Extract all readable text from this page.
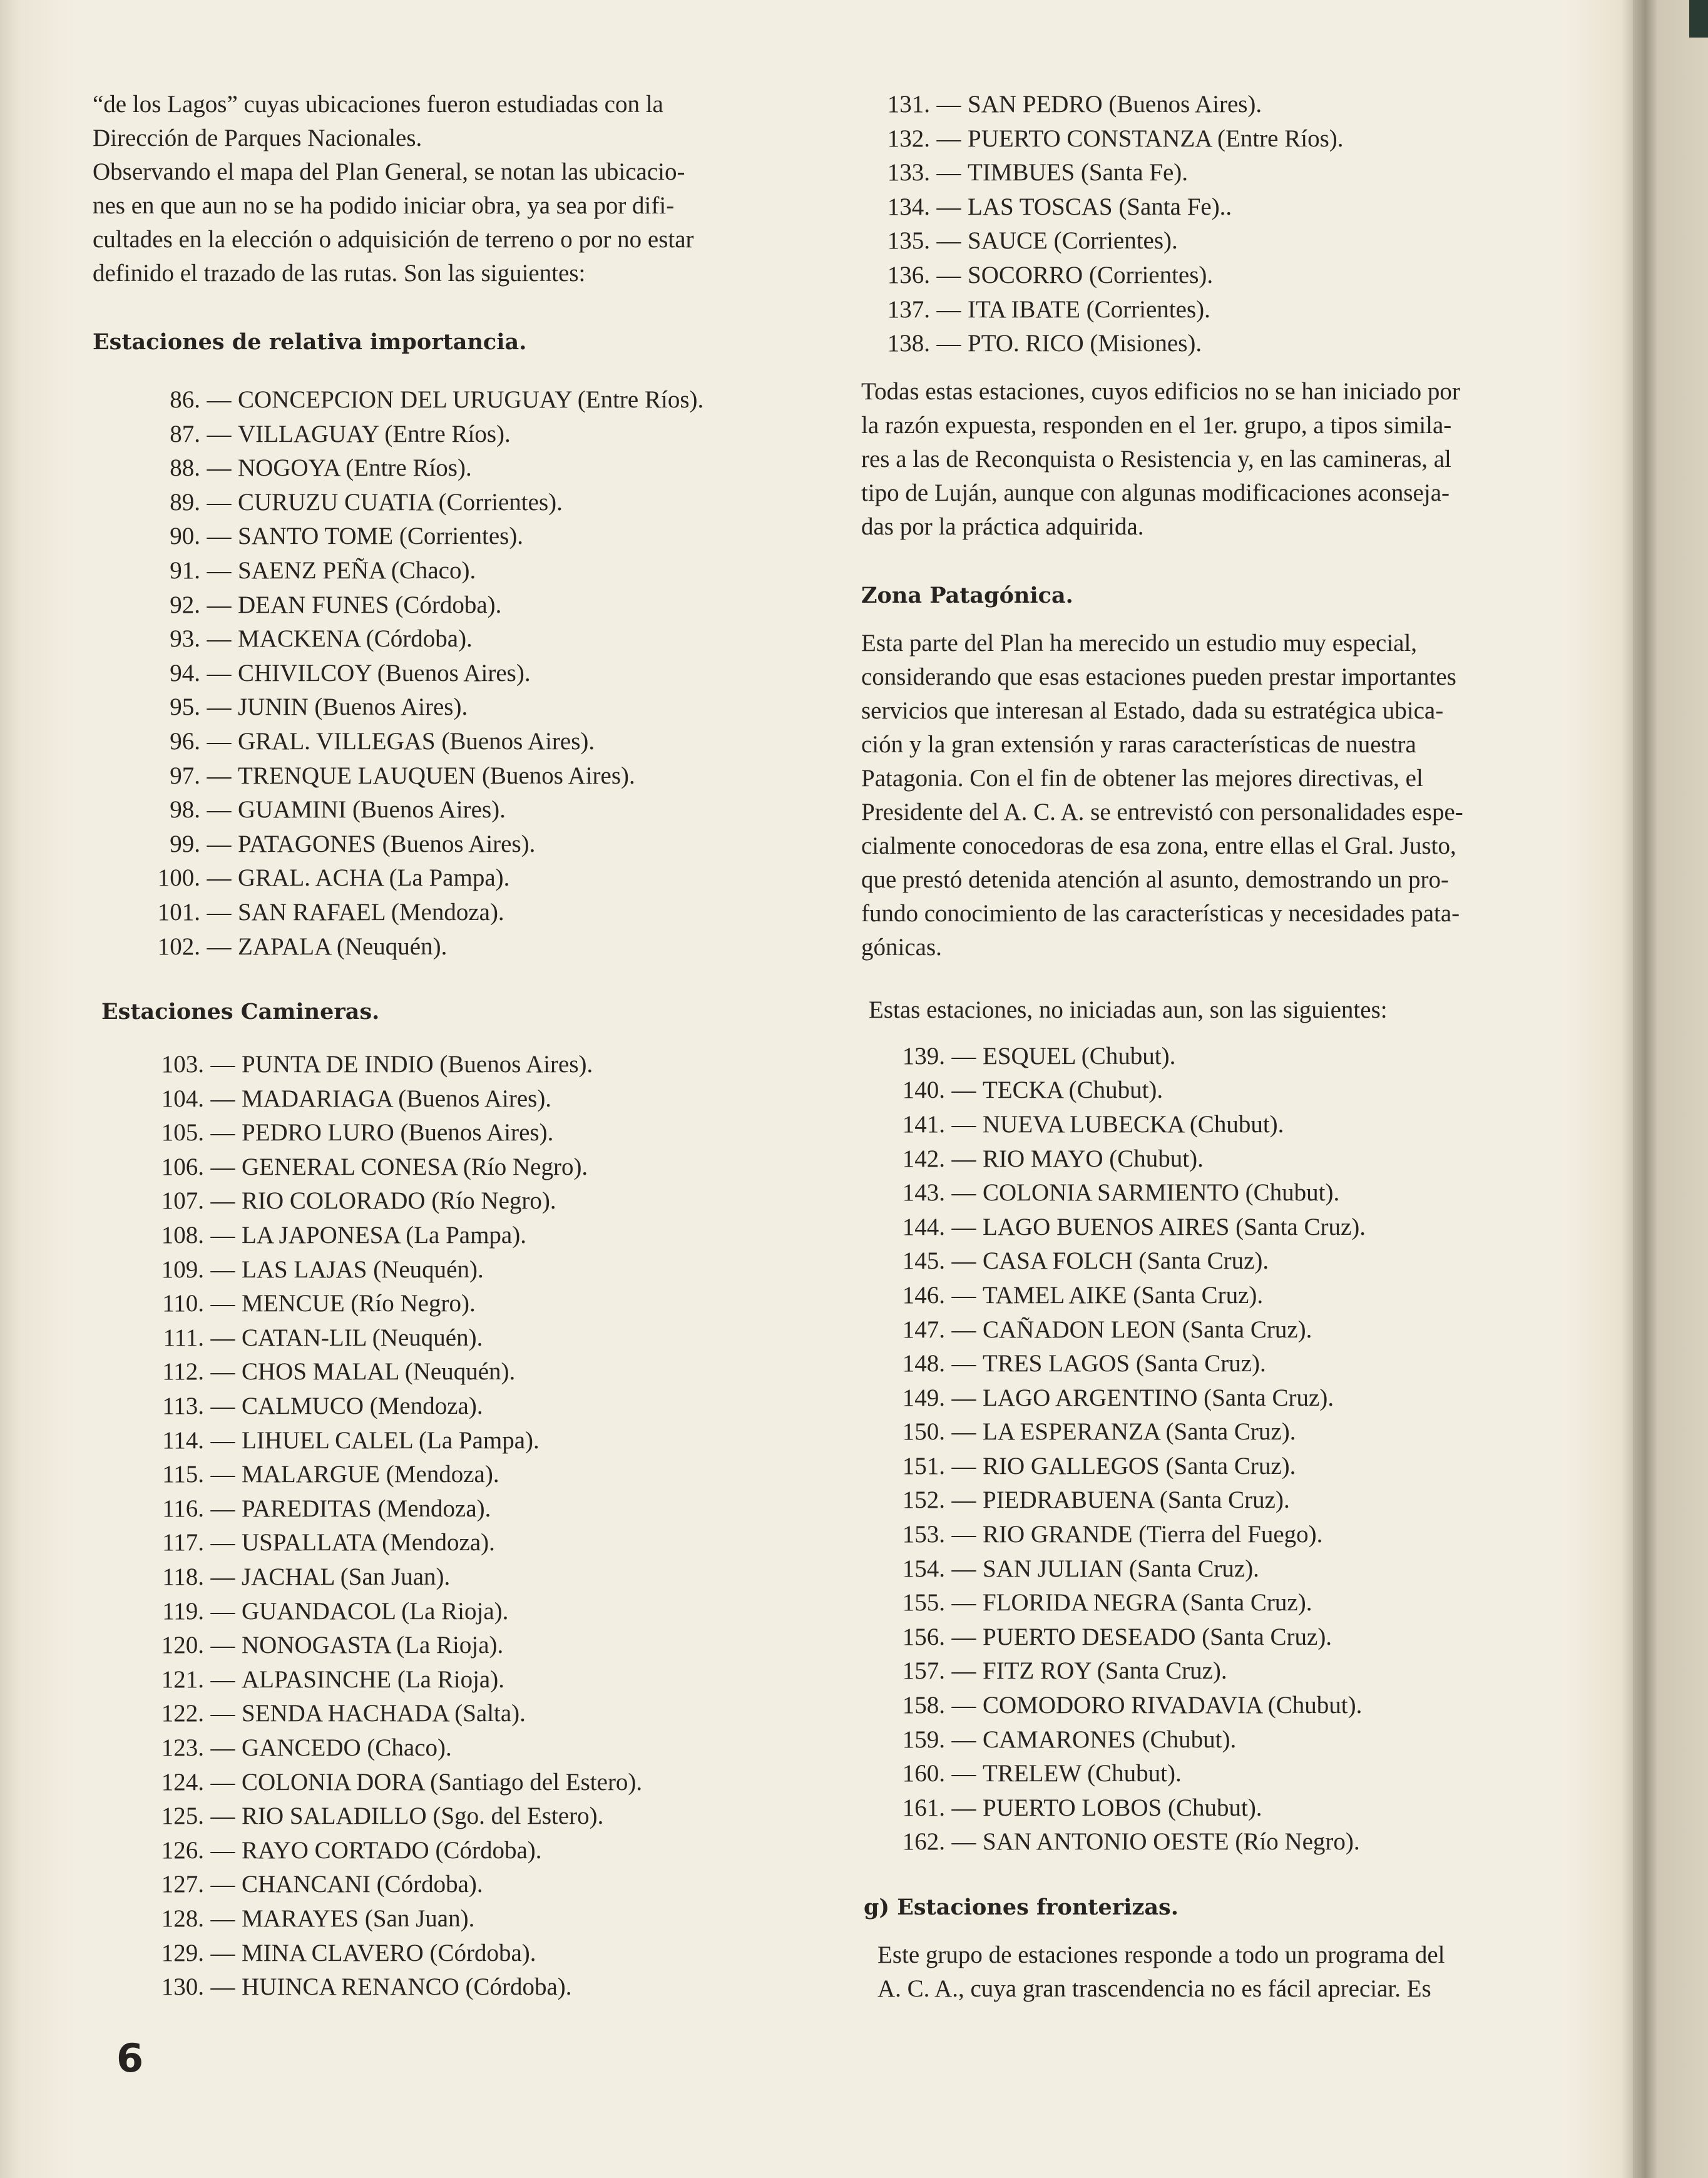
“de los Lagos” cuyas ubicaciones fueron estudiadas con la

Dirección de Parques Nacionales.

Observando el mapa del Plan General, se notan las ubicacio-

nes en que aun no se ha podido iniciar obra, ya sea por difi-

cultades en la elección o adquisición de terreno o por no estar

definido el trazado de las rutas. Son las siguientes:

Estaciones de relativa importancia.
86. — CONCEPCION DEL URUGUAY (Entre Ríos).
87. — VILLAGUAY (Entre Ríos).
88. — NOGOYA (Entre Ríos).
89. — CURUZU CUATIA (Corrientes).
90. — SANTO TOME (Corrientes).
91. — SAENZ PEÑA (Chaco).
92. — DEAN FUNES (Córdoba).
93. — MACKENA (Córdoba).
94. — CHIVILCOY (Buenos Aires).
95. — JUNIN (Buenos Aires).
96. — GRAL. VILLEGAS (Buenos Aires).
97. — TRENQUE LAUQUEN (Buenos Aires).
98. — GUAMINI (Buenos Aires).
99. — PATAGONES (Buenos Aires).
100. — GRAL. ACHA (La Pampa).
101. — SAN RAFAEL (Mendoza).
102. — ZAPALA (Neuquén).
Estaciones Camineras.
103. — PUNTA DE INDIO (Buenos Aires).
104. — MADARIAGA (Buenos Aires).
105. — PEDRO LURO (Buenos Aires).
106. — GENERAL CONESA (Río Negro).
107. — RIO COLORADO (Río Negro).
108. — LA JAPONESA (La Pampa).
109. — LAS LAJAS (Neuquén).
110. — MENCUE (Río Negro).
111. — CATAN-LIL (Neuquén).
112. — CHOS MALAL (Neuquén).
113. — CALMUCO (Mendoza).
114. — LIHUEL CALEL (La Pampa).
115. — MALARGUE (Mendoza).
116. — PAREDITAS (Mendoza).
117. — USPALLATA (Mendoza).
118. — JACHAL (San Juan).
119. — GUANDACOL (La Rioja).
120. — NONOGASTA (La Rioja).
121. — ALPASINCHE (La Rioja).
122. — SENDA HACHADA (Salta).
123. — GANCEDO (Chaco).
124. — COLONIA DORA (Santiago del Estero).
125. — RIO SALADILLO (Sgo. del Estero).
126. — RAYO CORTADO (Córdoba).
127. — CHANCANI (Córdoba).
128. — MARAYES (San Juan).
129. — MINA CLAVERO (Córdoba).
130. — HUINCA RENANCO (Córdoba).
131. — SAN PEDRO (Buenos Aires).
132. — PUERTO CONSTANZA (Entre Ríos).
133. — TIMBUES (Santa Fe).
134. — LAS TOSCAS (Santa Fe)..
135. — SAUCE (Corrientes).
136. — SOCORRO (Corrientes).
137. — ITA IBATE (Corrientes).
138. — PTO. RICO (Misiones).

Todas estas estaciones, cuyos edificios no se han iniciado por

la razón expuesta, responden en el 1er. grupo, a tipos simila-

res a las de Reconquista o Resistencia y, en las camineras, al

tipo de Luján, aunque con algunas modificaciones aconseja-

das por la práctica adquirida.

Zona Patagónica.

Esta parte del Plan ha merecido un estudio muy especial,

considerando que esas estaciones pueden prestar importantes

servicios que interesan al Estado, dada su estratégica ubica-

ción y la gran extensión y raras características de nuestra

Patagonia. Con el fin de obtener las mejores directivas, el

Presidente del A. C. A. se entrevistó con personalidades espe-

cialmente conocedoras de esa zona, entre ellas el Gral. Justo,

que prestó detenida atención al asunto, demostrando un pro-

fundo conocimiento de las características y necesidades pata-

gónicas.

Estas estaciones, no iniciadas aun, son las siguientes:

139. — ESQUEL (Chubut).
140. — TECKA (Chubut).
141. — NUEVA LUBECKA (Chubut).
142. — RIO MAYO (Chubut).
143. — COLONIA SARMIENTO (Chubut).
144. — LAGO BUENOS AIRES (Santa Cruz).
145. — CASA FOLCH (Santa Cruz).
146. — TAMEL AIKE (Santa Cruz).
147. — CAÑADON LEON (Santa Cruz).
148. — TRES LAGOS (Santa Cruz).
149. — LAGO ARGENTINO (Santa Cruz).
150. — LA ESPERANZA (Santa Cruz).
151. — RIO GALLEGOS (Santa Cruz).
152. — PIEDRABUENA (Santa Cruz).
153. — RIO GRANDE (Tierra del Fuego).
154. — SAN JULIAN (Santa Cruz).
155. — FLORIDA NEGRA (Santa Cruz).
156. — PUERTO DESEADO (Santa Cruz).
157. — FITZ ROY (Santa Cruz).
158. — COMODORO RIVADAVIA (Chubut).
159. — CAMARONES (Chubut).
160. — TRELEW (Chubut).
161. — PUERTO LOBOS (Chubut).
162. — SAN ANTONIO OESTE (Río Negro).
g) Estaciones fronterizas.

Este grupo de estaciones responde a todo un programa del

A. C. A., cuya gran trascendencia no es fácil apreciar. Es

6
